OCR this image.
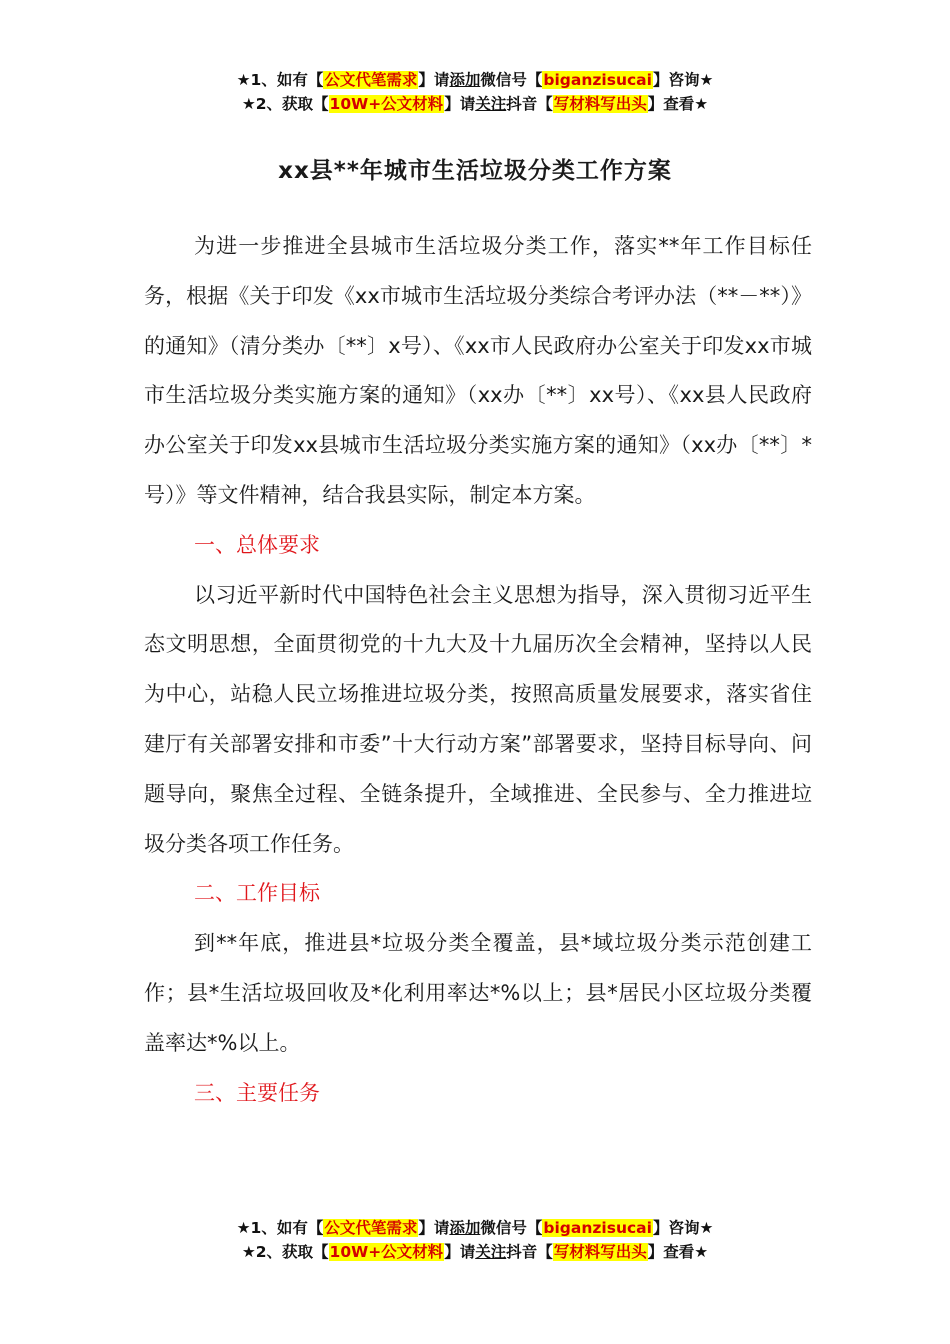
★1、如有【公文代笔需求】请添加微信号【biganzisucai】咨询★
★2、获取【10W+公文材料】请关注抖音【写材料写出头】查看★
xx县**年城市生活垃圾分类工作方案

为进一步推进全县城市生活垃圾分类工作，落实**年工作目标任务，根据《关于印发《xx市城市生活垃圾分类综合考评办法（**－**）》的通知》（清分类办〔**〕x号）、《xx市人民政府办公室关于印发xx市城市生活垃圾分类实施方案的通知》（xx办〔**〕xx号）、《xx县人民政府办公室关于印发xx县城市生活垃圾分类实施方案的通知》（xx办〔**〕*号）》等文件精神，结合我县实际，制定本方案。

一、总体要求

以习近平新时代中国特色社会主义思想为指导，深入贯彻习近平生态文明思想，全面贯彻党的十九大及十九届历次全会精神，坚持以人民为中心，站稳人民立场推进垃圾分类，按照高质量发展要求，落实省住建厅有关部署安排和市委”十大行动方案”部署要求，坚持目标导向、问题导向，聚焦全过程、全链条提升，全域推进、全民参与、全力推进垃圾分类各项工作任务。

二、工作目标

到**年底，推进县*垃圾分类全覆盖，县*域垃圾分类示范创建工作；县*生活垃圾回收及*化利用率达*%以上；县*居民小区垃圾分类覆盖率达*%以上。

三、主要任务
★1、如有【公文代笔需求】请添加微信号【biganzisucai】咨询★
★2、获取【10W+公文材料】请关注抖音【写材料写出头】查看★
